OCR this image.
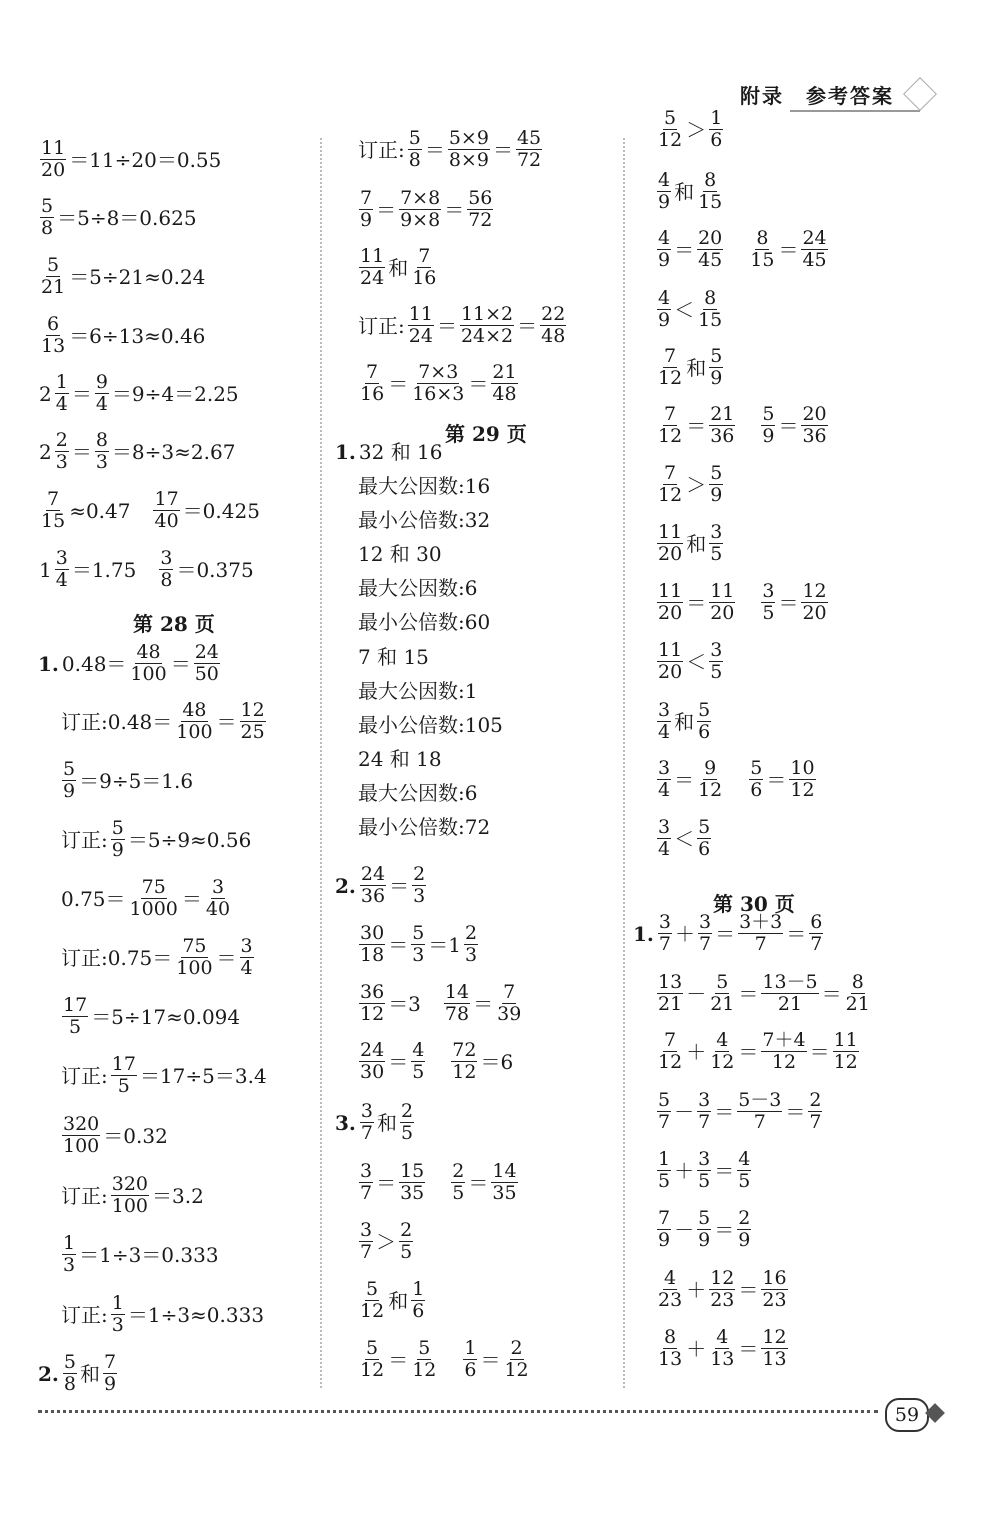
附录　 参考答案
$\frac{11}{20} =11\div 20=0.55$
$\frac{5}{8} =5\div 8=0.625$
$\frac{5}{21} =5\div 21\approx 0.24$
$\frac{6}{13} =6\div 13\approx 0.46$
$2 \frac{1}{4} = \frac{9}{4} =9\div 4=2.25$
$2 \frac{2}{3} = \frac{8}{3} =8\div 3\approx 2.67$
$\frac{7}{15} \approx 0.47$　 $\frac{17}{40} =0.425$
$1 \frac{3}{4} =1.75$　 $\frac{3}{8} =0.375$
第 28 页
1. $0.48= \frac{48}{100} = \frac{24}{50}$
订正:0.48＝ $\frac{48}{100} = \frac{12}{25}$
$\frac{5}{9} =9\div 5=1.6$
订正: $\frac{5}{9} =5\div 9\approx 0.56$
$0.75= \frac{75}{1000} = \frac{3}{40}$
订正:0.75＝ $\frac{75}{100} = \frac{3}{4}$
$\frac{17}{5} =5\div 17\approx 0.094$
订正: $\frac{17}{5} =17\div 5=3.4$
$\frac{320}{100} =0.32$
订正: $\frac{320}{100} =3.2$
$\frac{1}{3} =1\div 3=0.333$
订正: $\frac{1}{3} =1\div 3\approx 0.333$
2. $\frac{5}{8}$ 和 $\frac{7}{9}$
订正: $\frac{5}{8} = \frac{5\times 9}{8\times 9} = \frac{45}{72}$
$\frac{7}{9} = \frac{7\times 8}{9\times 8} = \frac{56}{72}$
$\frac{11}{24}$ 和 $\frac{7}{16}$
订正: $\frac{11}{24} = \frac{11\times 2}{24\times 2} = \frac{22}{48}$
$\frac{7}{16} = \frac{7\times 3}{16\times 3} = \frac{21}{48}$
第 29 页
1. 32 和 16
最大公因数:16
最小公倍数:32
12 和 30
最大公因数:6
最小公倍数:60
7 和 15
最大公因数:1
最小公倍数:105
24 和 18
最大公因数:6
最小公倍数:72
2. $\frac{24}{36} = \frac{2}{3}$
$\frac{30}{18} = \frac{5}{3} =1 \frac{2}{3}$
$\frac{36}{12} =3$　 $\frac{14}{78} = \frac{7}{39}$
$\frac{24}{30} = \frac{4}{5}$
　 $\frac{72}{12} =6$
3. $\frac{3}{7}$ 和 $\frac{2}{5}$
$\frac{3}{7} = \frac{15}{35}$
　 $\frac{2}{5} = \frac{14}{35}$
$\frac{3}{7} > \frac{2}{5}$
$\frac{5}{12}$ 和 $\frac{1}{6}$
$\frac{5}{12} = \frac{5}{12}$
　 $\frac{1}{6} = \frac{2}{12}$
$\frac{5}{12} > \frac{1}{6}$
$\frac{4}{9}$ 和 $\frac{8}{15}$
$\frac{4}{9} = \frac{20}{45}$
　 $\frac{8}{15} = \frac{24}{45}$
$\frac{4}{9} < \frac{8}{15}$
$\frac{7}{12}$ 和 $\frac{5}{9}$
$\frac{7}{12} = \frac{21}{36}$
　 $\frac{5}{9} = \frac{20}{36}$
$\frac{7}{12} > \frac{5}{9}$
$\frac{11}{20}$ 和 $\frac{3}{5}$
$\frac{11}{20} = \frac{11}{20}$
　 $\frac{3}{5} = \frac{12}{20}$
$\frac{11}{20} < \frac{3}{5}$
$\frac{3}{4}$ 和 $\frac{5}{6}$
$\frac{3}{4} = \frac{9}{12}$
　 $\frac{5}{6} = \frac{10}{12}$
$\frac{3}{4} < \frac{5}{6}$
第 30 页
1. $\frac{3}{7} + \frac{3}{7} = \frac{3+3}{7} = \frac{6}{7}$
$\frac{13}{21} - \frac{5}{21} = \frac{13-5}{21} = \frac{8}{21}$
$\frac{7}{12} + \frac{4}{12} = \frac{7+4}{12} = \frac{11}{12}$
$\frac{5}{7} - \frac{3}{7} = \frac{5-3}{7} = \frac{2}{7}$
$\frac{1}{5} + \frac{3}{5} = \frac{4}{5}$
$\frac{7}{9} - \frac{5}{9} = \frac{2}{9}$
$\frac{4}{23} + \frac{12}{23} = \frac{16}{23}$
$\frac{8}{13} + \frac{4}{13} = \frac{12}{13}$
59
